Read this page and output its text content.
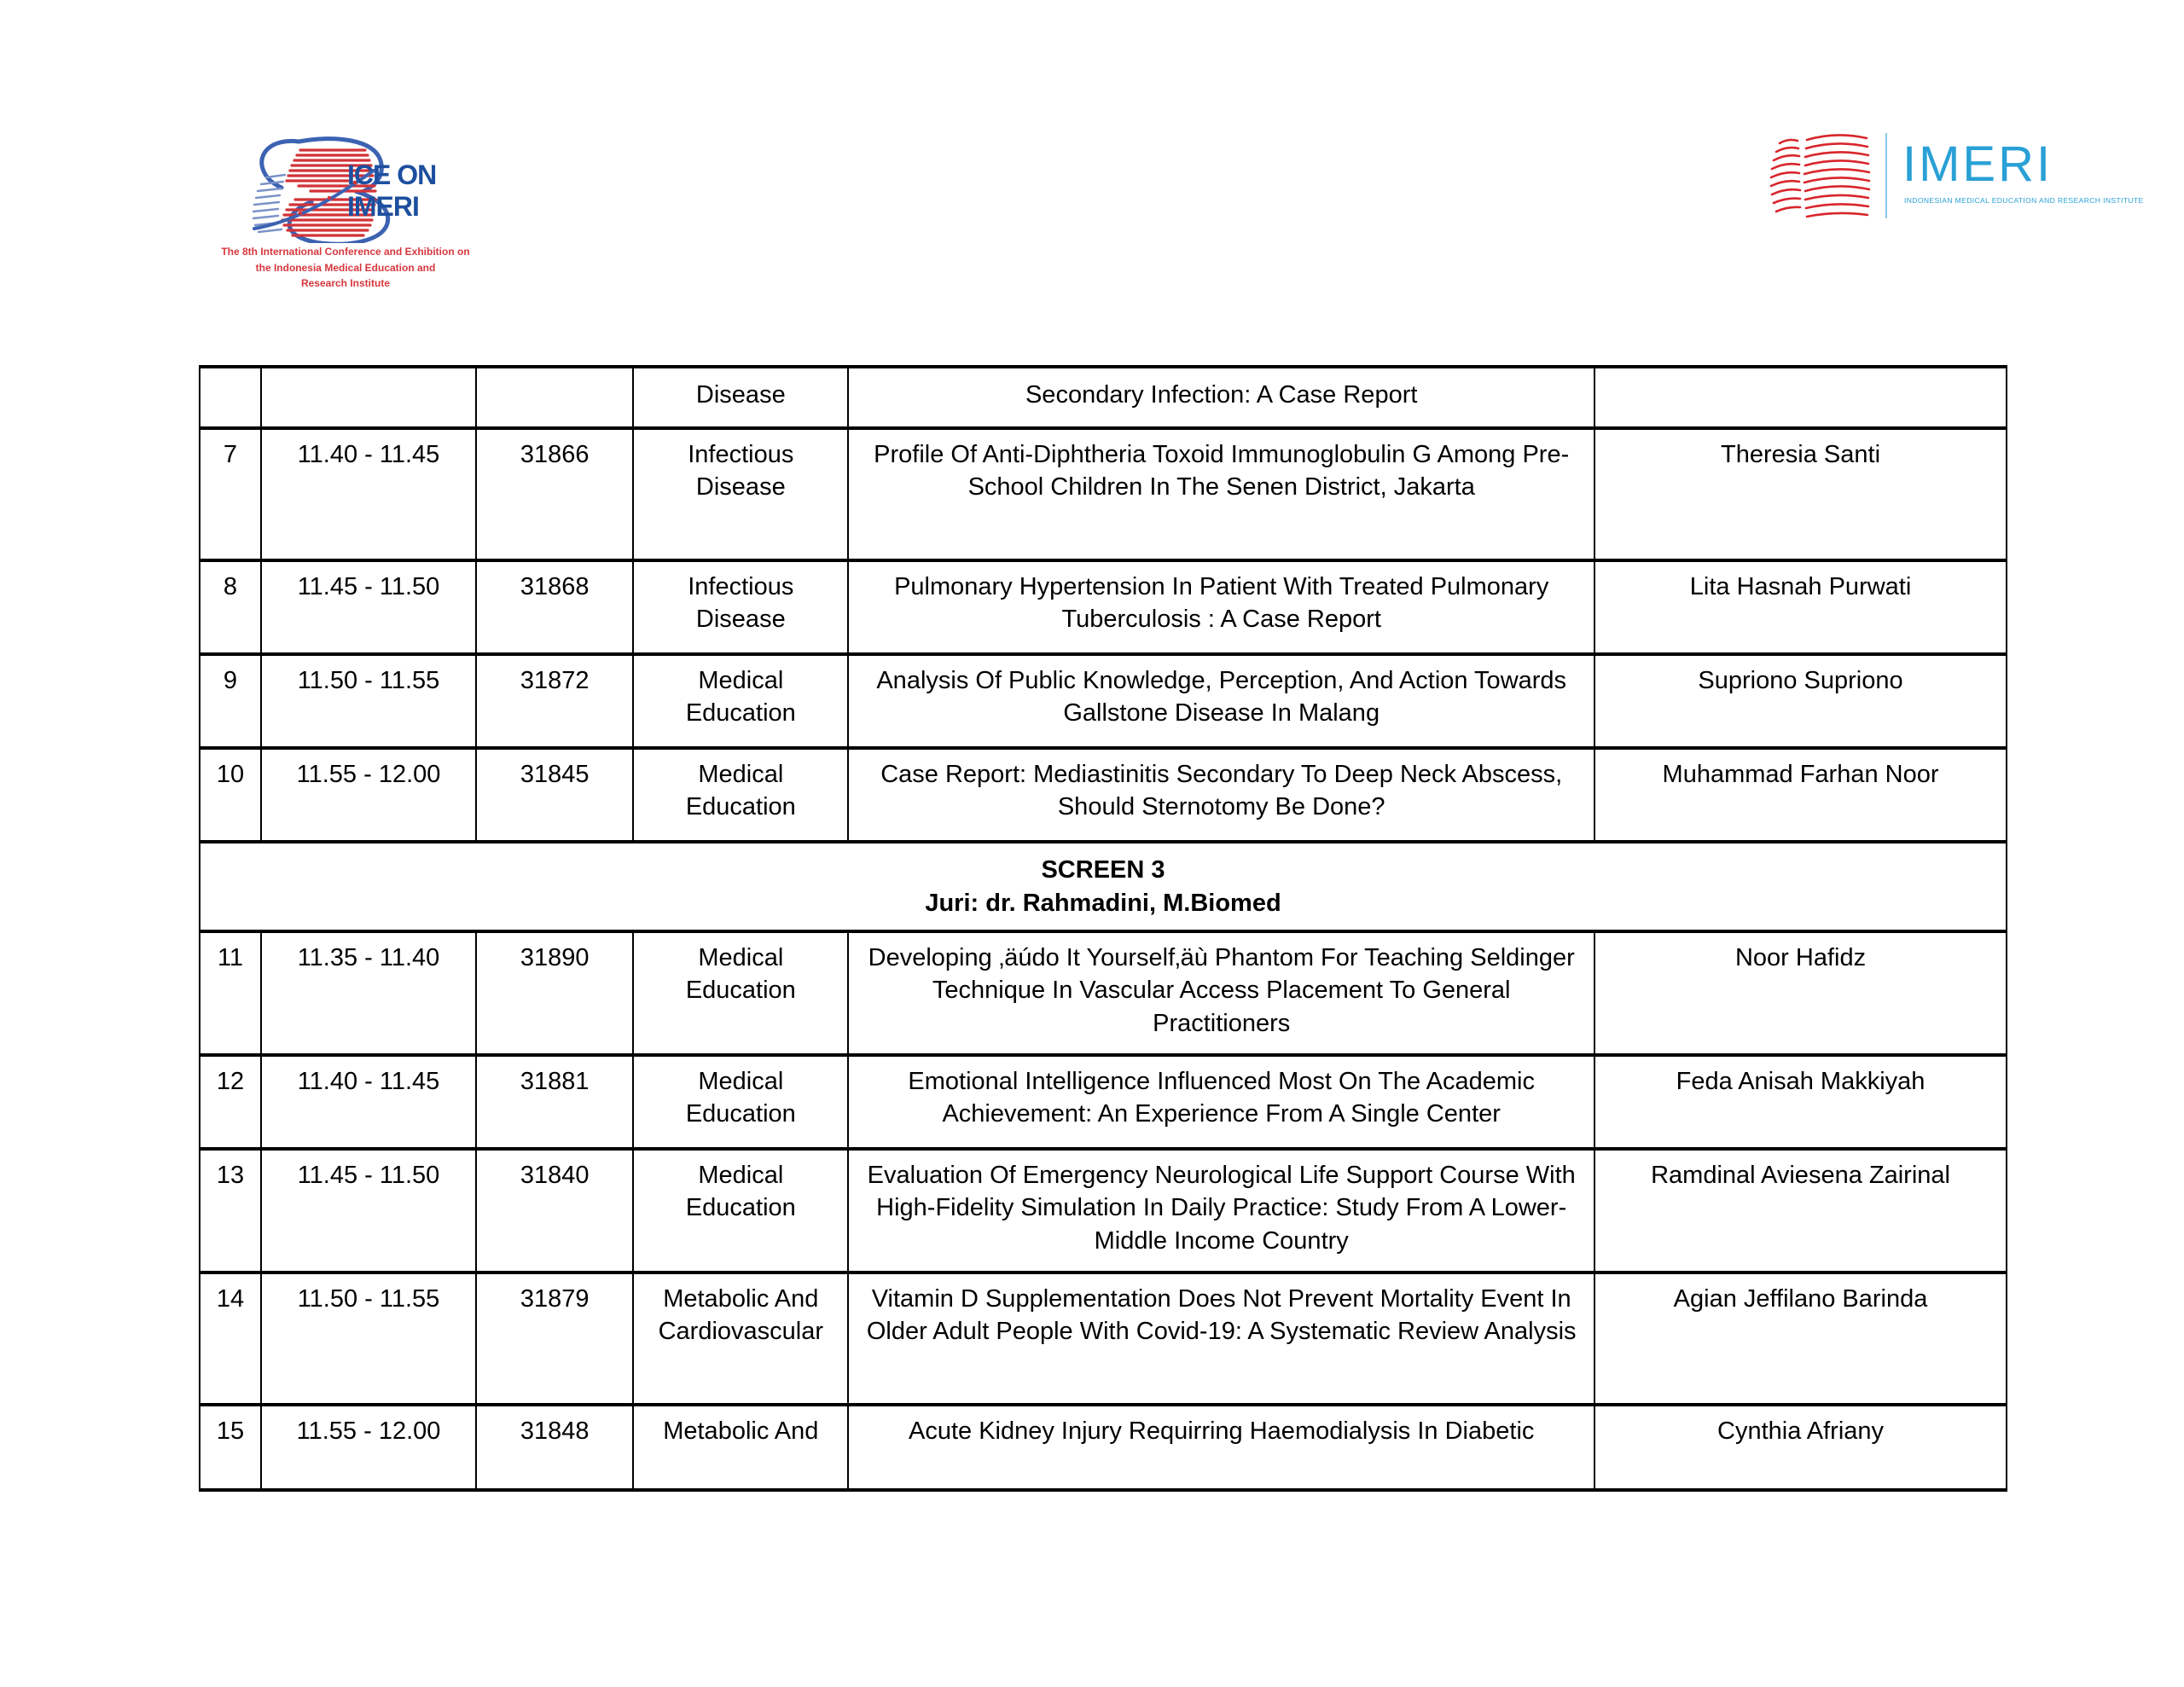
ICE ON
IMERI
The 8th International Conference and Exhibition on
the Indonesia Medical Education and
Research Institute
IMERI
INDONESIAN MEDICAL EDUCATION AND RESEARCH INSTITUTE
			Disease	Secondary Infection: A Case Report	
7	11.40 - 11.45	31866	Infectious Disease	Profile Of Anti-Diphtheria Toxoid Immunoglobulin G Among Pre-School Children In The Senen District, Jakarta	Theresia Santi
8	11.45 - 11.50	31868	Infectious Disease	Pulmonary Hypertension In Patient With Treated Pulmonary Tuberculosis : A Case Report	Lita Hasnah Purwati
9	11.50 - 11.55	31872	Medical Education	Analysis Of Public Knowledge, Perception, And Action Towards Gallstone Disease In Malang	Supriono Supriono
10	11.55 - 12.00	31845	Medical Education	Case Report: Mediastinitis Secondary To Deep Neck Abscess, Should Sternotomy Be Done?	Muhammad Farhan Noor

SCREEN 3
Juri: dr. Rahmadini, M.Biomed					

11	11.35 - 11.40	31890	Medical Education	Developing ‚äúdo It Yourself‚äù Phantom For Teaching Seldinger Technique In Vascular Access Placement To General Practitioners	Noor Hafidz
12	11.40 - 11.45	31881	Medical Education	Emotional Intelligence Influenced Most On The Academic Achievement: An Experience From A Single Center	Feda Anisah Makkiyah
13	11.45 - 11.50	31840	Medical Education	Evaluation Of Emergency Neurological Life Support Course With High-Fidelity Simulation In Daily Practice: Study From A Lower- Middle Income Country	Ramdinal Aviesena Zairinal
14	11.50 - 11.55	31879	Metabolic And Cardiovascular	Vitamin D Supplementation Does Not Prevent Mortality Event In Older Adult People With Covid-19: A Systematic Review Analysis	Agian Jeffilano Barinda
15	11.55 - 12.00	31848	Metabolic And	Acute Kidney Injury Requirring Haemodialysis In Diabetic	Cynthia Afriany
